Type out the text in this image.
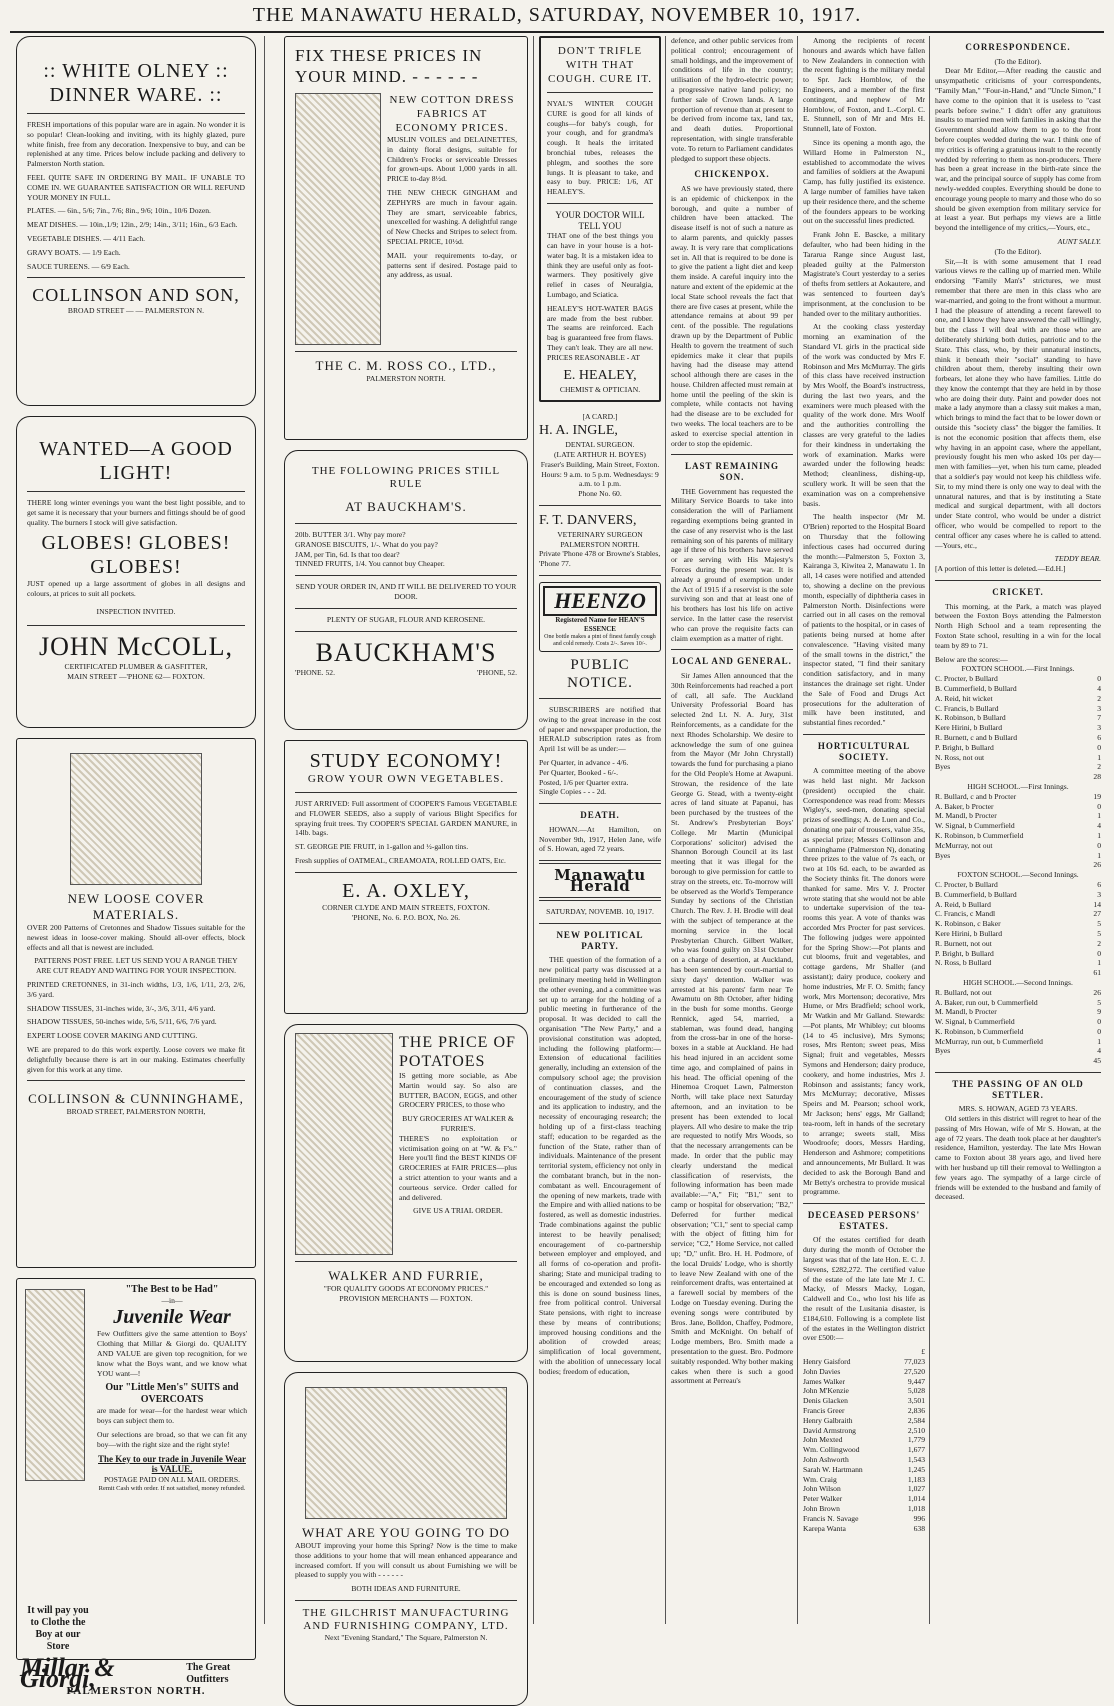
THE MANAWATU HERALD, SATURDAY, NOVEMBER 10, 1917.
:: WHITE OLNEY :: DINNER WARE. ::

FRESH importations of this popular ware are in again. No wonder it is so popular! Clean-looking and inviting, with its highly glazed, pure white finish, free from any decoration. Inexpensive to buy, and can be replenished at any time. Prices below include packing and delivery to Palmerston North station.

FEEL QUITE SAFE IN ORDERING BY MAIL. IF UNABLE TO COME IN. WE GUARANTEE SATISFACTION OR WILL REFUND YOUR MONEY IN FULL.

PLATES. — 6in., 5/6; 7in., 7/6; 8in., 9/6; 10in., 10/6 Dozen.

MEAT DISHES. — 10in.,1/9; 12in., 2/9; 14in., 3/11; 16in., 6/3 Each.

VEGETABLE DISHES. — 4/11 Each.

GRAVY BOATS. — 1/9 Each.

SAUCE TUREENS. — 6/9 Each.

COLLINSON AND SON,
BROAD STREET — — PALMERSTON N.
WANTED—A GOOD LIGHT!

THERE long winter evenings you want the best light possible, and to get same it is necessary that your burners and fittings should be of good quality. The burners I stock will give satisfaction.

GLOBES! GLOBES! GLOBES!

JUST opened up a large assortment of globes in all designs and colours, at prices to suit all pockets.

INSPECTION INVITED.
JOHN McCOLL,
CERTIFICATED PLUMBER & GASFITTER,
MAIN STREET —'PHONE 62— FOXTON.
NEW LOOSE COVER MATERIALS.

OVER 200 Patterns of Cretonnes and Shadow Tissues suitable for the newest ideas in loose-cover making. Should all-over effects, block effects and all that is newest are included.

PATTERNS POST FREE. LET US SEND YOU A RANGE THEY ARE CUT READY AND WAITING FOR YOUR INSPECTION.

PRINTED CRETONNES, in 31-inch widths, 1/3, 1/6, 1/11, 2/3, 2/6, 3/6 yard.

SHADOW TISSUES, 31-inches wide, 3/-, 3/6, 3/11, 4/6 yard.

SHADOW TISSUES, 50-inches wide, 5/6, 5/11, 6/6, 7/6 yard.

EXPERT LOOSE COVER MAKING AND CUTTING.

WE are prepared to do this work expertly. Loose covers we make fit delightfully because there is art in our making. Estimates cheerfully given for this work at any time.

COLLINSON & CUNNINGHAME,
BROAD STREET, PALMERSTON NORTH,
It will pay you to Clothe the Boy at our Store
"The Best to be Had"
—in—
Juvenile Wear

Few Outfitters give the same attention to Boys' Clothing that Millar & Giorgi do. QUALITY AND VALUE are given top recognition, for we know what the Boys want, and we know what YOU want—!

Our "Little Men's" SUITS and OVERCOATS

are made for wear—for the hardest wear which boys can subject them to.

Our selections are broad, so that we can fit any boy—with the right size and the right style!

The Key to our trade in Juvenile Wear is VALUE.
POSTAGE PAID ON ALL MAIL ORDERS.
Remit Cash with order. If not satisfied, money refunded.
Millar & Giorgi,	The Great Outfitters
PALMERSTON NORTH.
FIX THESE PRICES IN YOUR MIND. - - - - - -
NEW COTTON DRESS FABRICS AT ECONOMY PRICES.

MUSLIN VOILES and DELAINETTES, in dainty floral designs, suitable for Children's Frocks or serviceable Dresses for grown-ups. About 1,000 yards in all. PRICE to-day 8½d.

THE NEW CHECK GINGHAM and ZEPHYRS are much in favour again. They are smart, serviceable fabrics, unexcelled for washing. A delightful range of New Checks and Stripes to select from. SPECIAL PRICE, 10½d.

MAIL your requirements to-day, or patterns sent if desired. Postage paid to any address, as usual.

THE C. M. ROSS CO., LTD.,
PALMERSTON NORTH.
THE FOLLOWING PRICES STILL RULE
AT BAUCKHAM'S.
20lb. BUTTER 3/1. Why pay more?
GRANOSE BISCUITS, 1/-. What do you pay?
JAM, per Tin, 6d. Is that too dear?
TINNED FRUITS, 1/4. You cannot buy Cheaper.
SEND YOUR ORDER IN, AND IT WILL BE DELIVERED TO YOUR DOOR.
PLENTY OF SUGAR, FLOUR AND KEROSENE.
BAUCKHAM'S
'PHONE. 52.	'PHONE, 52.
STUDY ECONOMY!
GROW YOUR OWN VEGETABLES.

JUST ARRIVED: Full assortment of COOPER'S Famous VEGETABLE and FLOWER SEEDS, also a supply of various Blight Specifics for spraying fruit trees. Try COOPER'S SPECIAL GARDEN MANURE, in 14lb. bags.

ST. GEORGE PIE FRUIT, in 1-gallon and ½-gallon tins.

Fresh supplies of OATMEAL, CREAMOATA, ROLLED OATS, Etc.

E. A. OXLEY,
CORNER CLYDE AND MAIN STREETS, FOXTON.
'PHONE, No. 6. P.O. BOX, No. 26.
THE PRICE OF POTATOES

IS getting more sociable, as Abe Martin would say. So also are BUTTER, BACON, EGGS, and other GROCERY PRICES, to those who

BUY GROCERIES AT WALKER & FURRIE'S.

THERE'S no exploitation or victimisation going on at "W. & F's." Here you'll find the BEST KINDS OF GROCERIES at FAIR PRICES—plus a strict attention to your wants and a courteous service. Order called for and delivered.

GIVE US A TRIAL ORDER.
WALKER AND FURRIE,
"FOR QUALITY GOODS AT ECONOMY PRICES."
PROVISION MERCHANTS — FOXTON.
WHAT ARE YOU GOING TO DO

ABOUT improving your home this Spring? Now is the time to make those additions to your home that will mean enhanced appearance and increased comfort. If you will consult us about Furnishing we will be pleased to supply you with - - - - - -

BOTH IDEAS AND FURNITURE.
THE GILCHRIST MANUFACTURING AND FURNISHING COMPANY, LTD.
Next "Evening Standard," The Square, Palmerston N.
DON'T TRIFLE WITH THAT COUGH. CURE IT.

NYAL'S WINTER COUGH CURE is good for all kinds of coughs—for baby's cough, for your cough, and for grandma's cough. It heals the irritated bronchial tubes, releases the phlegm, and soothes the sore lungs. It is pleasant to take, and easy to buy. PRICE: 1/6, AT HEALEY'S.

YOUR DOCTOR WILL TELL YOU

THAT one of the best things you can have in your house is a hot-water bag. It is a mistaken idea to think they are useful only as foot-warmers. They positively give relief in cases of Neuralgia, Lumbago, and Sciatica.

HEALEY'S HOT-WATER BAGS are made from the best rubber. The seams are reinforced. Each bag is guaranteed free from flaws. They can't leak. They are all new. PRICES REASONABLE - AT

E. HEALEY,
CHEMIST & OPTICIAN.
[A CARD.]
H. A. INGLE,
DENTAL SURGEON.
(LATE ARTHUR H. BOYES)
Fraser's Building, Main Street, Foxton.
Hours: 9 a.m. to 5 p.m. Wednesdays: 9 a.m. to 1 p.m.
Phone No. 60.
F. T. DANVERS,
VETERINARY SURGEON
PALMERSTON NORTH.
Private 'Phone 478 or Browne's Stables, 'Phone 77.
HEENZO
Registered Name for HEAN'S ESSENCE
One bottle makes a pint of finest family cough and cold remedy. Costs 2/-. Saves 10/-.
PUBLIC NOTICE.

SUBSCRIBERS are notified that owing to the great increase in the cost of paper and newspaper production, the HERALD subscription rates as from April 1st will be as under:—

Per Quarter, in advance - 4/6.
Per Quarter, Booked - 6/-.
Posted, 1/6 per Quarter extra.
Single Copies - - - 2d.
DEATH.

HOWAN.—At Hamilton, on November 9th, 1917, Helen Jane, wife of S. Howan, aged 72 years.

Manawatu Herald
SATURDAY, NOVEMB. 10, 1917.
NEW POLITICAL PARTY.

THE question of the formation of a new political party was discussed at a preliminary meeting held in Wellington the other evening, and a committee was set up to arrange for the holding of a public meeting in furtherance of the proposal. It was decided to call the organisation "The New Party," and a provisional constitution was adopted, including the following platform:—Extension of educational facilities generally, including an extension of the compulsory school age; the provision of continuation classes, and the encouragement of the study of science and its application to industry, and the necessity of encouraging research; the holding up of a first-class teaching staff; education to be regarded as the function of the State, rather than of individuals. Maintenance of the present territorial system, efficiency not only in the combatant branch, but in the non-combatant as well. Encouragement of the opening of new markets, trade with the Empire and with allied nations to be fostered, as well as domestic industries. Trade combinations against the public interest to be heavily penalised; encouragement of co-partnership between employer and employed, and all forms of co-operation and profit-sharing; State and municipal trading to be encouraged and extended so long as this is done on sound business lines, free from political control. Universal State pensions, with right to increase these by means of contributions; improved housing conditions and the abolition of crowded areas; simplification of local government, with the abolition of unnecessary local bodies; freedom of education,

defence, and other public services from political control; encouragement of small holdings, and the improvement of conditions of life in the country; utilisation of the hydro-electric power; a progressive native land policy; no further sale of Crown lands. A large proportion of revenue than at present to be derived from income tax, land tax, and death duties. Proportional representation, with single transferable vote. To return to Parliament candidates pledged to support these objects.

CHICKENPOX.

AS we have previously stated, there is an epidemic of chickenpox in the borough, and quite a number of children have been attacked. The disease itself is not of such a nature as to alarm parents, and quickly passes away. It is very rare that complications set in. All that is required to be done is to give the patient a light diet and keep them inside. A careful inquiry into the nature and extent of the epidemic at the local State school reveals the fact that there are five cases at present, while the attendance remains at about 99 per cent. of the possible. The regulations drawn up by the Department of Public Health to govern the treatment of such epidemics make it clear that pupils having had the disease may attend school although there are cases in the house. Children affected must remain at home until the peeling of the skin is complete, while contacts not having had the disease are to be excluded for two weeks. The local teachers are to be asked to exercise special attention in order to stop the epidemic.

LAST REMAINING SON.

THE Government has requested the Military Service Boards to take into consideration the will of Parliament regarding exemptions being granted in the case of any reservist who is the last remaining son of his parents of military age if three of his brothers have served or are serving with His Majesty's Forces during the present war. It is already a ground of exemption under the Act of 1915 if a reservist is the sole surviving son and that at least one of his brothers has lost his life on active service. In the latter case the reservist who can prove the requisite facts can claim exemption as a matter of right.

LOCAL AND GENERAL.

Sir James Allen announced that the 30th Reinforcements had reached a port of call, all safe. The Auckland University Professorial Board has selected 2nd Lt. N. A. Jury, 31st Reinforcements, as a candidate for the next Rhodes Scholarship. We desire to acknowledge the sum of one guinea from the Mayor (Mr John Chrystall) towards the fund for purchasing a piano for the Old People's Home at Awapuni. Strowan, the residence of the late George G. Stead, with a twenty-eight acres of land situate at Papanui, has been purchased by the trustees of the St. Andrew's Presbyterian Boys' College. Mr Martin (Municipal Corporations' solicitor) advised the Shannon Borough Council at its last meeting that it was illegal for the borough to give permission for cattle to stray on the streets, etc. To-morrow will be observed as the World's Temperance Sunday by sections of the Christian Church. The Rev. J. H. Brodie will deal with the subject of temperance at the morning service in the local Presbyterian Church. Gilbert Walker, who was found guilty on 31st October on a charge of desertion, at Auckland, has been sentenced by court-martial to sixty days' detention. Walker was arrested at his parents' farm near Te Awamutu on 8th October, after hiding in the bush for some months. George Rennick, aged 54, married, a stableman, was found dead, hanging from the cross-bar in one of the horse-boxes in a stable at Auckland. He had his head injured in an accident some time ago, and complained of pains in his head. The official opening of the Hinemoa Croquet Lawn, Palmerston North, will take place next Saturday afternoon, and an invitation to be present has been extended to local players. All who desire to make the trip are requested to notify Mrs Woods, so that the necessary arrangements can be made. In order that the public may clearly understand the medical classification of reservists, the following information has been made available:—"A," Fit; "B1," sent to camp or hospital for observation; "B2," Deferred for further medical observation; "C1," sent to special camp with the object of fitting him for service; "C2," Home Service, not called up; "D," unfit. Bro. H. H. Podmore, of the local Druids' Lodge, who is shortly to leave New Zealand with one of the reinforcement drafts, was entertained at a farewell social by members of the Lodge on Tuesday evening. During the evening songs were contributed by Bros. Jane, Bolldon, Chaffey, Podmore, Smith and McKnight. On behalf of Lodge members, Bro. Smith made a presentation to the guest. Bro. Podmore suitably responded. Why bother making cakes when there is such a good assortment at Perreau's

Among the recipients of recent honours and awards which have fallen to New Zealanders in connection with the recent fighting is the military medal to Spr. Jack Hornblow, of the Engineers, and a member of the first contingent, and nephew of Mr Hornblow, of Foxton, and L.-Corpl. C. E. Stunnell, son of Mr and Mrs H. Stunnell, late of Foxton.

Since its opening a month ago, the Willard Home in Palmerston N., established to accommodate the wives and families of soldiers at the Awapuni Camp, has fully justified its existence. A large number of families have taken up their residence there, and the scheme of the founders appears to be working out on the successful lines predicted.

Frank John E. Bascke, a military defaulter, who had been hiding in the Tararua Range since August last, pleaded guilty at the Palmerston Magistrate's Court yesterday to a series of thefts from settlers at Aokautere, and was sentenced to fourteen day's imprisonment, at the conclusion to be handed over to the military authorities.

At the cooking class yesterday morning an examination of the Standard VI. girls in the practical side of the work was conducted by Mrs F. Robinson and Mrs McMurray. The girls of this class have received instruction by Mrs Woolf, the Board's instructress, during the last two years, and the examiners were much pleased with the quality of the work done. Mrs Woolf and the authorities controlling the classes are very grateful to the ladies for their kindness in undertaking the work of examination. Marks were awarded under the following heads: Method; cleanliness, dishing-up, scullery work. It will be seen that the examination was on a comprehensive basis.

The health inspector (Mr M. O'Brien) reported to the Hospital Board on Thursday that the following infectious cases had occurred during the month:—Palmerston 5, Foxton 3, Kairanga 3, Kiwitea 2, Manawatu 1. In all, 14 cases were notified and attended to, showing a decline on the previous month, especially of diphtheria cases in Palmerston North. Disinfections were carried out in all cases on the removal of patients to the hospital, or in cases of patients being nursed at home after convalescence. "Having visited many of the small towns in the district," the inspector stated, "I find their sanitary condition satisfactory, and in many instances the drainage set right. Under the Sale of Food and Drugs Act prosecutions for the adulteration of milk have been instituted, and substantial fines recorded."

HORTICULTURAL SOCIETY.

A committee meeting of the above was held last night. Mr Jackson (president) occupied the chair. Correspondence was read from: Messrs Wigley's, seed-men, donating special prizes of seedlings; A. de Luen and Co., donating one pair of trousers, value 35s, as special prize; Messrs Collinson and Cunninghame (Palmerston N), donating three prizes to the value of 7s each, or two at 10s 6d. each, to be awarded as the Society thinks fit. The donors were thanked for same. Mrs V. J. Procter wrote stating that she would not be able to undertake supervision of the tea-rooms this year. A vote of thanks was accorded Mrs Procter for past services. The following judges were appointed for the Spring Show:—Pot plants and cut blooms, fruit and vegetables, and cottage gardens, Mr Shaller (and assistant); dairy produce, cookery and home industries, Mr F. O. Smith; fancy work, Mrs Mortenson; decorative, Mrs Hume, or Mrs Bradfield; school work, Mr Watkin and Mr Galland. Stewards:—Pot plants, Mr Whibley; cut blooms (14 to 45 inclusive), Mrs Symons; roses, Mrs Renton; sweet peas, Miss Signal; fruit and vegetables, Messrs Symons and Henderson; dairy produce, cookery, and home industries, Mrs J. Robinson and assistants; fancy work, Mrs McMurray; decorative, Misses Speirs and M. Pearson; school work, Mr Jackson; hens' eggs, Mr Galland; tea-room, left in hands of the secretary to arrange; sweets stall, Miss Woodroofe; doors, Messrs Harding, Henderson and Ashmore; competitions and announcements, Mr Bullard. It was decided to ask the Borough Band and Mr Betty's orchestra to provide musical programme.

DECEASED PERSONS' ESTATES.

Of the estates certified for death duty during the month of October the largest was that of the late Hon. E. C. J. Stevens, £282,272. The certified value of the estate of the late late Mr J. C. Macky, of Messrs Macky, Logan, Caldwell and Co., who lost his life as the result of the Lusitania disaster, is £184,610. Following is a complete list of the estates in the Wellington district over £500:—

£
Henry Gaisford	77,023
John Davies	27,520
James Walker	9,447
John M'Kenzie	5,028
Denis Glacken	3,501
Francis Greer	2,836
Henry Galbraith	2,584
David Armstrong	2,510
John Mexted	1,779
Wm. Collingwood	1,677
John Ashworth	1,543
Sarah W. Hartmann	1,245
Wm. Craig	1,183
John Wilson	1,027
Peter Walker	1,014
John Brown	1,018
Francis N. Savage	996
Karepa Wanta	638
CORRESPONDENCE.
(To the Editor).

Dear Mr Editor,—After reading the caustic and unsympathetic criticisms of your correspondents, "Family Man," "Four-in-Hand," and "Uncle Simon," I have come to the opinion that it is useless to "cast pearls before swine." I didn't offer any gratuitous insults to married men with families in asking that the Government should allow them to go to the front before couples wedded during the war. I think one of my critics is offering a gratuitous insult to the recently wedded by referring to them as non-producers. There has been a great increase in the birth-rate since the war, and the principal source of supply has come from newly-wedded couples. Everything should be done to encourage young people to marry and those who do so should be given exemption from military service for at least a year. But perhaps my views are a little beyond the intelligence of my critics,—Yours, etc.,

AUNT SALLY.
(To the Editor).

Sir,—It is with some amusement that I read various views re the calling up of married men. While endorsing "Family Man's" strictures, we must remember that there are men in this class who are war-married, and going to the front without a murmur. I had the pleasure of attending a recent farewell to one, and I know they have answered the call willingly, but the class I will deal with are those who are deliberately shirking both duties, patriotic and to the State. This class, who, by their unnatural instincts, think it beneath their "social" standing to have children about them, thereby insulting their own forbears, let alone they who have families. Little do they know the contempt that they are held in by those who are doing their duty. Paint and powder does not make a lady anymore than a classy suit makes a man, which brings to mind the fact that to be lower down or outside this "society class" the bigger the families. It is not the economic position that affects them, else why having in an appoint case, where the appellant, previously fought his men who asked 10s per day—men with families—yet, when his turn came, pleaded that a soldier's pay would not keep his childless wife. Sir, to my mind there is only one way to deal with the unnatural natures, and that is by instituting a State medical and surgical department, with all doctors under State control, who would be under a district officer, who would be compelled to report to the central officer any cases where he is called to attend.—Yours, etc.,

TEDDY BEAR.
[A portion of this letter is deleted.—Ed.H.]
CRICKET.

This morning, at the Park, a match was played between the Foxton Boys attending the Palmerston North High School and a team representing the Foxton State school, resulting in a win for the local team by 89 to 71.

Below are the scores:—
FOXTON SCHOOL.—First Innings.
C. Procter, b Bullard	0
B. Cummerfield, b Bullard	4
A. Reid, hit wicket	2
C. Francis, b Bullard	3
K. Robinson, b Bullard	7
Kere Hirini, b Bullard	3
R. Burnett, c and b Bullard	6
P. Bright, b Bullard	0
N. Ross, not out	1
Byes	2
28
HIGH SCHOOL.—First Innings.
R. Bullard, c and b Procter	19
A. Baker, b Procter	0
M. Mandl, b Procter	1
W. Signal, b Cummerfield	4
K. Robinson, b Cummerfield	1
McMurray, not out	0
Byes	1
26
FOXTON SCHOOL.—Second Innings.
C. Procter, b Bullard	6
B. Cummerfield, b Bullard	3
A. Reid, b Bullard	14
C. Francis, c Mandl	27
K. Robinson, c Baker	5
Kere Hirini, b Bullard	5
R. Burnett, not out	2
P. Bright, b Bullard	0
N. Ross, b Bullard	1
61
HIGH SCHOOL.—Second Innings.
R. Bullard, not out	26
A. Baker, run out, b Cummerfield	5
M. Mandl, b Procter	9
W. Signal, b Cummerfield	0
K. Robinson, b Cummerfield	0
McMurray, run out, b Cummerfield	1
Byes	4
45
THE PASSING OF AN OLD SETTLER.
MRS. S. HOWAN, AGED 73 YEARS.

Old settlers in this district will regret to hear of the passing of Mrs Howan, wife of Mr S. Howan, at the age of 72 years. The death took place at her daughter's residence, Hamilton, yesterday. The late Mrs Howan came to Foxton about 38 years ago, and lived here with her husband up till their removal to Wellington a few years ago. The sympathy of a large circle of friends will be extended to the husband and family of deceased.
